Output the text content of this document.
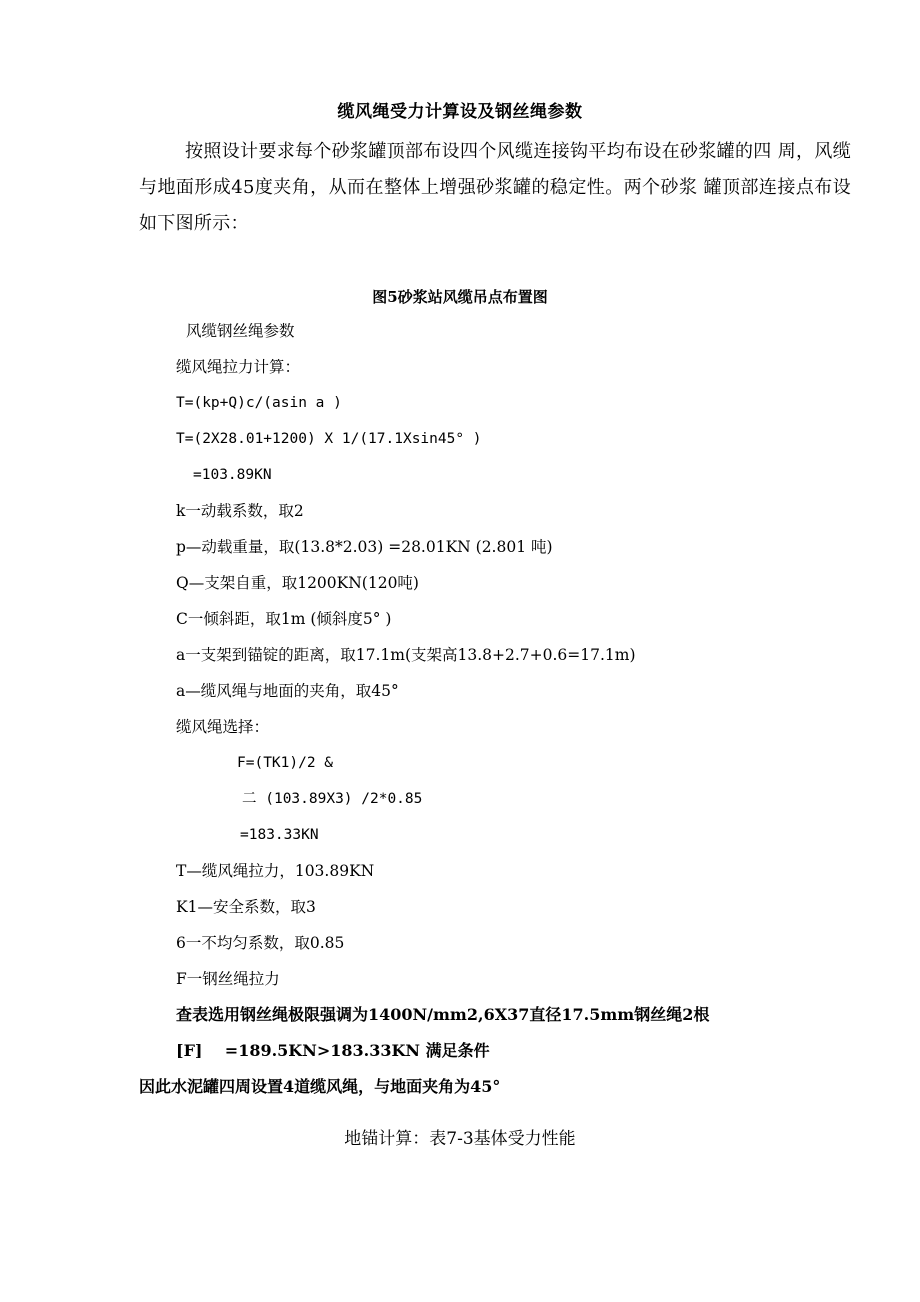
缆风绳受力计算设及钢丝绳参数
按照设计要求每个砂浆罐顶部布设四个风缆连接钩平均布设在砂浆罐的四 周，风缆与地面形成45度夹角，从而在整体上增强砂浆罐的稳定性。两个砂浆 罐顶部连接点布设如下图所示：
图5砂浆站风缆吊点布置图
风缆钢丝绳参数
缆风绳拉力计算：
T=(kp+Q)c/(asin a )
T=(2X28.01+1200) X 1/(17.1Xsin45° )
=103.89KN
k一动载系数，取2
p—动载重量，取(13.8*2.03) =28.01KN (2.801 吨)
Q—支架自重，取1200KN(120吨)
C一倾斜距，取1m (倾斜度5° )
a一支架到锚锭的距离，取17.1m(支架高13.8+2.7+0.6=17.1m)
a—缆风绳与地面的夹角，取45°
缆风绳选择：
F=(TK1)/2 &
二 (103.89X3) /2*0.85
=183.33KN
T—缆风绳拉力，103.89KN
K1—安全系数，取3
6一不均匀系数，取0.85
F一钢丝绳拉力
查表选用钢丝绳极限强调为1400N/mm2,6X37直径17.5mm钢丝绳2根
[F]    =189.5KN>183.33KN 满足条件
因此水泥罐四周设置4道缆风绳，与地面夹角为45°
地锚计算：表7-3基体受力性能
